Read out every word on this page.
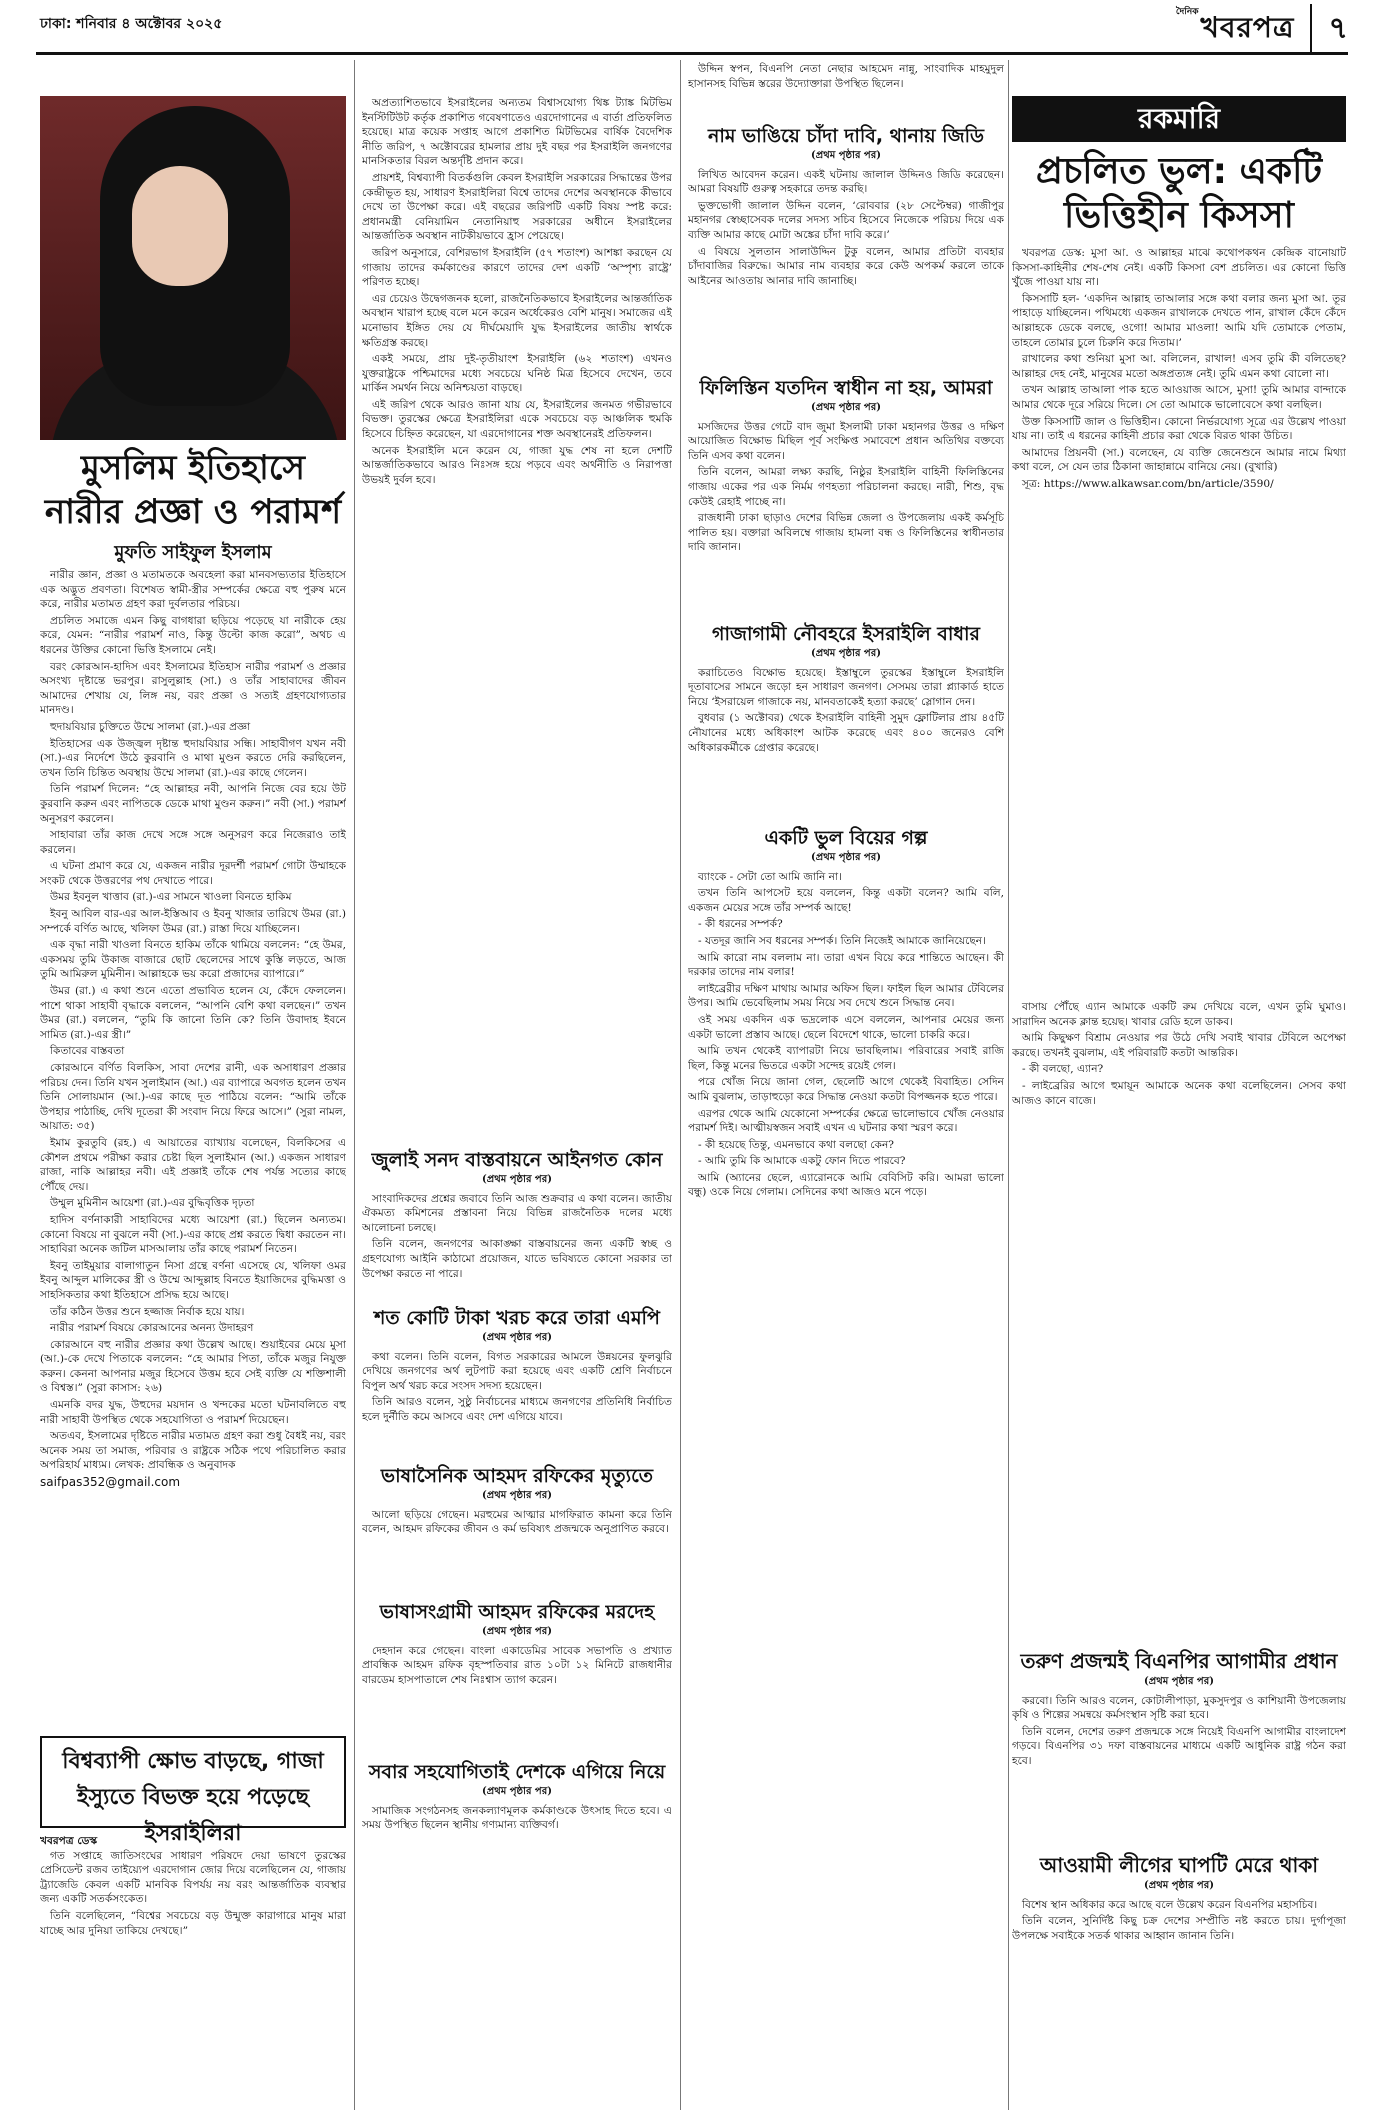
ঢাকা: শনিবার ৪ অক্টোবর ২০২৫
দৈনিক খবরপত্র	৭
মুসলিম ইতিহাসে নারীর প্রজ্ঞা ও পরামর্শ
মুফতি সাইফুল ইসলাম

নারীর জ্ঞান, প্রজ্ঞা ও মতামতকে অবহেলা করা মানবসভ্যতার ইতিহাসে এক অদ্ভুত প্রবণতা। বিশেষত স্বামী-স্ত্রীর সম্পর্কের ক্ষেত্রে বহু পুরুষ মনে করে, নারীর মতামত গ্রহণ করা দুর্বলতার পরিচয়।

প্রচলিত সমাজে এমন কিছু বাগধারা ছড়িয়ে পড়েছে যা নারীকে হেয় করে, যেমন: “নারীর পরামর্শ নাও, কিন্তু উল্টো কাজ করো”, অথচ এ ধরনের উক্তির কোনো ভিত্তি ইসলামে নেই।

বরং কোরআন-হাদিস এবং ইসলামের ইতিহাস নারীর পরামর্শ ও প্রজ্ঞার অসংখ্য দৃষ্টান্তে ভরপুর। রাসুলুল্লাহ (সা.) ও তাঁর সাহাবাদের জীবন আমাদের শেখায় যে, লিঙ্গ নয়, বরং প্রজ্ঞা ও সত্যই গ্রহণযোগ্যতার মানদণ্ড।

হুদায়বিয়ার চুক্তিতে উম্মে সালমা (রা.)-এর প্রজ্ঞা

ইতিহাসের এক উজ্জ্বল দৃষ্টান্ত হুদায়বিয়ার সন্ধি। সাহাবীগণ যখন নবী (সা.)-এর নির্দেশে উঠে কুরবানি ও মাথা মুণ্ডন করতে দেরি করছিলেন, তখন তিনি চিন্তিত অবস্থায় উম্মে সালমা (রা.)-এর কাছে গেলেন।

তিনি পরামর্শ দিলেন: “হে আল্লাহর নবী, আপনি নিজে বের হয়ে উট কুরবানি করুন এবং নাপিতকে ডেকে মাথা মুণ্ডন করুন।” নবী (সা.) পরামর্শ অনুসরণ করলেন।

সাহাবারা তাঁর কাজ দেখে সঙ্গে সঙ্গে অনুসরণ করে নিজেরাও তাই করলেন।

এ ঘটনা প্রমাণ করে যে, একজন নারীর দূরদর্শী পরামর্শ গোটা উম্মাহকে সংকট থেকে উত্তরণের পথ দেখাতে পারে।

উমর ইবনুল খাত্তাব (রা.)-এর সামনে খাওলা বিনতে হাকিম

ইবনু আবিল বার-এর আল-ইস্তিআব ও ইবনু খাজার তারিখে উমর (রা.) সম্পর্কে বর্ণিত আছে, খলিফা উমর (রা.) রাস্তা দিয়ে যাচ্ছিলেন।

এক বৃদ্ধা নারী খাওলা বিনতে হাকিম তাঁকে থামিয়ে বললেন: “হে উমর, একসময় তুমি উকাজ বাজারে ছোট ছেলেদের সাথে কুস্তি লড়তে, আজ তুমি আমিরুল মুমিনীন। আল্লাহকে ভয় করো প্রজাদের ব্যাপারে।”

উমর (রা.) এ কথা শুনে এতো প্রভাবিত হলেন যে, কেঁদে ফেললেন। পাশে থাকা সাহাবী বৃদ্ধাকে বললেন, “আপনি বেশি কথা বলছেন।” তখন উমর (রা.) বললেন, “তুমি কি জানো তিনি কে? তিনি উবাদাহ ইবনে সামিত (রা.)-এর স্ত্রী।”

কিতাবের বাস্তবতা

কোরআনে বর্ণিত বিলকিস, সাবা দেশের রানী, এক অসাধারণ প্রজ্ঞার পরিচয় দেন। তিনি যখন সুলাইমান (আ.) এর ব্যাপারে অবগত হলেন তখন তিনি সোলায়মান (আ.)-এর কাছে দূত পাঠিয়ে বলেন: “আমি তাঁকে উপহার পাঠাচ্ছি, দেখি দূতেরা কী সংবাদ নিয়ে ফিরে আসে।” (সুরা নামল, আয়াত: ৩৫)

ইমাম কুরতুবি (রহ.) এ আয়াতের ব্যাখ্যায় বলেছেন, বিলকিসের এ কৌশল প্রথমে পরীক্ষা করার চেষ্টা ছিল সুলাইমান (আ.) একজন সাধারণ রাজা, নাকি আল্লাহর নবী। এই প্রজ্ঞাই তাঁকে শেষ পর্যন্ত সত্যের কাছে পৌঁছে দেয়।

উম্মুল মুমিনীন আয়েশা (রা.)-এর বুদ্ধিবৃত্তিক দৃঢ়তা

হাদিস বর্ণনাকারী সাহাবিদের মধ্যে আয়েশা (রা.) ছিলেন অন্যতম। কোনো বিষয়ে না বুঝলে নবী (সা.)-এর কাছে প্রশ্ন করতে দ্বিধা করতেন না। সাহাবিরা অনেক জটিল মাসআলায় তাঁর কাছে পরামর্শ নিতেন।

ইবনু তাইমুয়ার বালাগাতুন নিসা গ্রন্থে বর্ণনা এসেছে যে, খলিফা ওমর ইবনু আব্দুল মালিকের স্ত্রী ও উম্মে আব্দুল্লাহ বিনতে ইয়াজিদের বুদ্ধিমত্তা ও সাহসিকতার কথা ইতিহাসে প্রসিদ্ধ হয়ে আছে।

তাঁর কঠিন উত্তর শুনে হজ্জাজ নির্বাক হয়ে যায়।

নারীর পরামর্শ বিষয়ে কোরআনের অনন্য উদাহরণ

কোরআনে বহু নারীর প্রজ্ঞার কথা উল্লেখ আছে। শুয়াইবের মেয়ে মুসা (আ.)-কে দেখে পিতাকে বললেন: “হে আমার পিতা, তাঁকে মজুর নিযুক্ত করুন। কেননা আপনার মজুর হিসেবে উত্তম হবে সেই ব্যক্তি যে শক্তিশালী ও বিশ্বস্ত।” (সুরা কাসাস: ২৬)

এমনকি বদর যুদ্ধ, উহুদের ময়দান ও খন্দকের মতো ঘটনাবলিতে বহু নারী সাহাবী উপস্থিত থেকে সহযোগিতা ও পরামর্শ দিয়েছেন।

অতএব, ইসলামের দৃষ্টিতে নারীর মতামত গ্রহণ করা শুধু বৈধই নয়, বরং অনেক সময় তা সমাজ, পরিবার ও রাষ্ট্রকে সঠিক পথে পরিচালিত করার অপরিহার্য মাধ্যম। লেখক: প্রাবন্ধিক ও অনুবাদক

saifpas352@gmail.com
বিশ্বব্যাপী ক্ষোভ বাড়ছে, গাজা ইস্যুতে বিভক্ত হয়ে পড়েছে ইসরাইলিরা
খবরপত্র ডেস্ক

গত সপ্তাহে জাতিসংঘের সাধারণ পরিষদে দেয়া ভাষণে তুরস্কের প্রেসিডেন্ট রজব তাইয়্যেপ এরদোগান জোর দিয়ে বলেছিলেন যে, গাজায় ট্র্যাজেডি কেবল একটি মানবিক বিপর্যয় নয় বরং আন্তর্জাতিক ব্যবস্থার জন্য একটি সতর্কসংকেত।

তিনি বলেছিলেন, “বিশ্বের সবচেয়ে বড় উন্মুক্ত কারাগারে মানুষ মারা যাচ্ছে আর দুনিয়া তাকিয়ে দেখছে।”

অপ্রত্যাশিতভাবে ইসরাইলের অন্যতম বিশ্বাসযোগ্য থিঙ্ক ট্যাঙ্ক মিটভিম ইনস্টিটিউট কর্তৃক প্রকাশিত গবেষণাতেও এরদোগানের এ বার্তা প্রতিফলিত হয়েছে। মাত্র কয়েক সপ্তাহ আগে প্রকাশিত মিটভিমের বার্ষিক বৈদেশিক নীতি জরিপ, ৭ অক্টোবরের হামলার প্রায় দুই বছর পর ইসরাইলি জনগণের মানসিকতার বিরল অন্তর্দৃষ্টি প্রদান করে।

প্রায়শই, বিশ্বব্যাপী বিতর্কগুলি কেবল ইসরাইলি সরকারের সিদ্ধান্তের উপর কেন্দ্রীভূত হয়, সাধারণ ইসরাইলিরা বিশ্বে তাদের দেশের অবস্থানকে কীভাবে দেখে তা উপেক্ষা করে। এই বছরের জরিপটি একটি বিষয় স্পষ্ট করে: প্রধানমন্ত্রী বেনিয়ামিন নেতানিয়াহু সরকারের অধীনে ইসরাইলের আন্তর্জাতিক অবস্থান নাটকীয়ভাবে হ্রাস পেয়েছে।

জরিপ অনুসারে, বেশিরভাগ ইসরাইলি (৫৭ শতাংশ) আশঙ্কা করছেন যে গাজায় তাদের কর্মকাণ্ডের কারণে তাদের দেশ একটি ‘অস্পৃশ্য রাষ্ট্রে’ পরিণত হচ্ছে।

এর চেয়েও উদ্বেগজনক হলো, রাজনৈতিকভাবে ইসরাইলের আন্তর্জাতিক অবস্থান খারাপ হচ্ছে বলে মনে করেন অর্ধেকেরও বেশি মানুষ। সমাজের এই মনোভাব ইঙ্গিত দেয় যে দীর্ঘমেয়াদি যুদ্ধ ইসরাইলের জাতীয় স্বার্থকে ক্ষতিগ্রস্ত করছে।

একই সময়ে, প্রায় দুই-তৃতীয়াংশ ইসরাইলি (৬২ শতাংশ) এখনও যুক্তরাষ্ট্রকে পশ্চিমাদের মধ্যে সবচেয়ে ঘনিষ্ঠ মিত্র হিসেবে দেখেন, তবে মার্কিন সমর্থন নিয়ে অনিশ্চয়তা বাড়ছে।

এই জরিপ থেকে আরও জানা যায় যে, ইসরাইলের জনমত গভীরভাবে বিভক্ত। তুরস্কের ক্ষেত্রে ইসরাইলিরা একে সবচেয়ে বড় আঞ্চলিক হুমকি হিসেবে চিহ্নিত করেছেন, যা এরদোগানের শক্ত অবস্থানেরই প্রতিফলন।

অনেক ইসরাইলি মনে করেন যে, গাজা যুদ্ধ শেষ না হলে দেশটি আন্তর্জাতিকভাবে আরও নিঃসঙ্গ হয়ে পড়বে এবং অর্থনীতি ও নিরাপত্তা উভয়ই দুর্বল হবে।

জুলাই সনদ বাস্তবায়নে আইনগত কোন
(প্রথম পৃষ্ঠার পর)

সাংবাদিকদের প্রশ্নের জবাবে তিনি আজ শুক্রবার এ কথা বলেন। জাতীয় ঐকমত্য কমিশনের প্রস্তাবনা নিয়ে বিভিন্ন রাজনৈতিক দলের মধ্যে আলোচনা চলছে।

তিনি বলেন, জনগণের আকাঙ্ক্ষা বাস্তবায়নের জন্য একটি স্বচ্ছ ও গ্রহণযোগ্য আইনি কাঠামো প্রয়োজন, যাতে ভবিষ্যতে কোনো সরকার তা উপেক্ষা করতে না পারে।

শত কোটি টাকা খরচ করে তারা এমপি
(প্রথম পৃষ্ঠার পর)

কথা বলেন। তিনি বলেন, বিগত সরকারের আমলে উন্নয়নের ফুলঝুরি দেখিয়ে জনগণের অর্থ লুটপাট করা হয়েছে এবং একটি শ্রেণি নির্বাচনে বিপুল অর্থ খরচ করে সংসদ সদস্য হয়েছেন।

তিনি আরও বলেন, সুষ্ঠু নির্বাচনের মাধ্যমে জনগণের প্রতিনিধি নির্বাচিত হলে দুর্নীতি কমে আসবে এবং দেশ এগিয়ে যাবে।

ভাষাসৈনিক আহমদ রফিকের মৃত্যুতে
(প্রথম পৃষ্ঠার পর)

আলো ছড়িয়ে গেছেন। মরহুমের আত্মার মাগফিরাত কামনা করে তিনি বলেন, আহমদ রফিকের জীবন ও কর্ম ভবিষ্যৎ প্রজন্মকে অনুপ্রাণিত করবে।

ভাষাসংগ্রামী আহমদ রফিকের মরদেহ
(প্রথম পৃষ্ঠার পর)

দেহদান করে গেছেন। বাংলা একাডেমির সাবেক সভাপতি ও প্রখ্যাত প্রাবন্ধিক আহমদ রফিক বৃহস্পতিবার রাত ১০টা ১২ মিনিটে রাজধানীর বারডেম হাসপাতালে শেষ নিঃশ্বাস ত্যাগ করেন।

সবার সহযোগিতাই দেশকে এগিয়ে নিয়ে
(প্রথম পৃষ্ঠার পর)

সামাজিক সংগঠনসহ জনকল্যাণমূলক কর্মকাণ্ডকে উৎসাহ দিতে হবে। এ সময় উপস্থিত ছিলেন স্থানীয় গণ্যমান্য ব্যক্তিবর্গ।

উদ্দিন স্বপন, বিএনপি নেতা নেছার আহমেদ নান্নু, সাংবাদিক মাহমুদুল হাসানসহ বিভিন্ন স্তরের উদ্যোক্তারা উপস্থিত ছিলেন।

নাম ভাঙিয়ে চাঁদা দাবি, থানায় জিডি
(প্রথম পৃষ্ঠার পর)

লিখিত আবেদন করেন। একই ঘটনায় জালাল উদ্দিনও জিডি করেছেন। আমরা বিষয়টি গুরুত্ব সহকারে তদন্ত করছি।

ভুক্তভোগী জালাল উদ্দিন বলেন, ‘রোববার (২৮ সেপ্টেম্বর) গাজীপুর মহানগর স্বেচ্ছাসেবক দলের সদস্য সচিব হিসেবে নিজেকে পরিচয় দিয়ে এক ব্যক্তি আমার কাছে মোটা অঙ্কের চাঁদা দাবি করে।’

এ বিষয়ে সুলতান সালাউদ্দিন টুকু বলেন, আমার প্রতিটা ব্যবহার চাঁদাবাজির বিরুদ্ধে। আমার নাম ব্যবহার করে কেউ অপকর্ম করলে তাকে আইনের আওতায় আনার দাবি জানাচ্ছি।

ফিলিস্তিন যতদিন স্বাধীন না হয়, আমরা
(প্রথম পৃষ্ঠার পর)

মসজিদের উত্তর গেটে বাদ জুমা ইসলামী ঢাকা মহানগর উত্তর ও দক্ষিণ আয়োজিত বিক্ষোভ মিছিল পূর্ব সংক্ষিপ্ত সমাবেশে প্রধান অতিথির বক্তব্যে তিনি এসব কথা বলেন।

তিনি বলেন, আমরা লক্ষ্য করছি, নিষ্ঠুর ইসরাইলি বাহিনী ফিলিস্তিনের গাজায় একের পর এক নির্মম গণহত্যা পরিচালনা করছে। নারী, শিশু, বৃদ্ধ কেউই রেহাই পাচ্ছে না।

রাজধানী ঢাকা ছাড়াও দেশের বিভিন্ন জেলা ও উপজেলায় একই কর্মসূচি পালিত হয়। বক্তারা অবিলম্বে গাজায় হামলা বন্ধ ও ফিলিস্তিনের স্বাধীনতার দাবি জানান।

গাজাগামী নৌবহরে ইসরাইলি বাধার
(প্রথম পৃষ্ঠার পর)

করাচিতেও বিক্ষোভ হয়েছে। ইস্তাম্বুলে তুরস্কের ইস্তাম্বুলে ইসরাইলি দূতাবাসের সামনে জড়ো হন সাধারণ জনগণ। সেসময় তারা প্ল্যাকার্ড হাতে নিয়ে ‘ইসরায়েল গাজাকে নয়, মানবতাকেই হত্যা করছে’ স্লোগান দেন।

বুধবার (১ অক্টোবর) থেকে ইসরাইলি বাহিনী সুমুদ ফ্লোটিলার প্রায় ৪৫টি নৌযানের মধ্যে অধিকাংশ আটক করেছে এবং ৪০০ জনেরও বেশি অধিকারকর্মীকে গ্রেপ্তার করেছে।

একটি ভুল বিয়ের গল্প
(প্রথম পৃষ্ঠার পর)

ব্যাংকে - সেটা তো আমি জানি না।

তখন তিনি আপসেট হয়ে বললেন, কিন্তু একটা বলেন? আমি বলি, একজন মেয়ের সঙ্গে তাঁর সম্পর্ক আছে!

- কী ধরনের সম্পর্ক?

- যতদূর জানি সব ধরনের সম্পর্ক। তিনি নিজেই আমাকে জানিয়েছেন।

আমি কারো নাম বললাম না। তারা এখন বিয়ে করে শান্তিতে আছেন। কী দরকার তাদের নাম বলার!

লাইব্রেরীর দক্ষিণ মাথায় আমার অফিস ছিল। ফাইল ছিল আমার টেবিলের উপর। আমি ভেবেছিলাম সময় নিয়ে সব দেখে শুনে সিদ্ধান্ত নেব।

ওই সময় একদিন এক ভদ্রলোক এসে বললেন, আপনার মেয়ের জন্য একটা ভালো প্রস্তাব আছে। ছেলে বিদেশে থাকে, ভালো চাকরি করে।

আমি তখন থেকেই ব্যাপারটা নিয়ে ভাবছিলাম। পরিবারের সবাই রাজি ছিল, কিন্তু মনের ভিতরে একটা সন্দেহ রয়েই গেল।

পরে খোঁজ নিয়ে জানা গেল, ছেলেটি আগে থেকেই বিবাহিত। সেদিন আমি বুঝলাম, তাড়াহুড়ো করে সিদ্ধান্ত নেওয়া কতটা বিপজ্জনক হতে পারে।

এরপর থেকে আমি যেকোনো সম্পর্কের ক্ষেত্রে ভালোভাবে খোঁজ নেওয়ার পরামর্শ দিই। আত্মীয়স্বজন সবাই এখন এ ঘটনার কথা স্মরণ করে।

- কী হয়েছে তিন্তু, এমনভাবে কথা বলছো কেন?

- আমি তুমি কি আমাকে একটু ফোন দিতে পারবে?

আমি (অ্যানের ছেলে, এ্যারোনকে আমি বেবিসিট করি। আমরা ভালো বন্ধু) ওকে নিয়ে গেলাম। সেদিনের কথা আজও মনে পড়ে।

রকমারি
প্রচলিত ভুল: একটি ভিত্তিহীন কিসসা

খবরপত্র ডেস্ক: মুসা আ. ও আল্লাহর মাঝে কথোপকথন কেন্দ্রিক বানোয়াট কিসসা-কাহিনীর শেষ-শেষ নেই। একটি কিসসা বেশ প্রচলিত। এর কোনো ভিত্তি খুঁজে পাওয়া যায় না।

কিসসাটি হল- ‘একদিন আল্লাহ তাআলার সঙ্গে কথা বলার জন্য মুসা আ. তূর পাহাড়ে যাচ্ছিলেন। পথিমধ্যে একজন রাখালকে দেখতে পান, রাখাল কেঁদে কেঁদে আল্লাহকে ডেকে বলছে, ওগো! আমার মাওলা! আমি যদি তোমাকে পেতাম, তাহলে তোমার চুলে চিরুনি করে দিতাম।’

রাখালের কথা শুনিয়া মুসা আ. বলিলেন, রাখাল! এসব তুমি কী বলিতেছ? আল্লাহর দেহ নেই, মানুষের মতো অঙ্গপ্রত্যঙ্গ নেই। তুমি এমন কথা বোলো না।

তখন আল্লাহ তাআলা পাক হতে আওয়াজ আসে, মুসা! তুমি আমার বান্দাকে আমার থেকে দূরে সরিয়ে দিলে। সে তো আমাকে ভালোবেসে কথা বলছিল।

উক্ত কিসসাটি জাল ও ভিত্তিহীন। কোনো নির্ভরযোগ্য সূত্রে এর উল্লেখ পাওয়া যায় না। তাই এ ধরনের কাহিনী প্রচার করা থেকে বিরত থাকা উচিত।

আমাদের প্রিয়নবী (সা.) বলেছেন, যে ব্যক্তি জেনেশুনে আমার নামে মিথ্যা কথা বলে, সে যেন তার ঠিকানা জাহান্নামে বানিয়ে নেয়। (বুখারি)

সূত্র: https://www.alkawsar.com/bn/article/3590/

বাসায় পৌঁছে এ্যান আমাকে একটি রুম দেখিয়ে বলে, এখন তুমি ঘুমাও। সারাদিন অনেক ক্লান্ত হয়েছ। খাবার রেডি হলে ডাকব।

আমি কিছুক্ষণ বিশ্রাম নেওয়ার পর উঠে দেখি সবাই খাবার টেবিলে অপেক্ষা করছে। তখনই বুঝলাম, এই পরিবারটি কতটা আন্তরিক।

- কী বলছো, এ্যান?

- লাইব্রেরির আগে হুমায়ূন আমাকে অনেক কথা বলেছিলেন। সেসব কথা আজও কানে বাজে।

তরুণ প্রজন্মই বিএনপির আগামীর প্রধান
(প্রথম পৃষ্ঠার পর)

করবো। তিনি আরও বলেন, কোটালীপাড়া, মুকসুদপুর ও কাশিয়ানী উপজেলায় কৃষি ও শিল্পের সমন্বয়ে কর্মসংস্থান সৃষ্টি করা হবে।

তিনি বলেন, দেশের তরুণ প্রজন্মকে সঙ্গে নিয়েই বিএনপি আগামীর বাংলাদেশ গড়বে। বিএনপির ৩১ দফা বাস্তবায়নের মাধ্যমে একটি আধুনিক রাষ্ট্র গঠন করা হবে।

আওয়ামী লীগের ঘাপটি মেরে থাকা
(প্রথম পৃষ্ঠার পর)

বিশেষ স্থান অধিকার করে আছে বলে উল্লেখ করেন বিএনপির মহাসচিব।

তিনি বলেন, সুনির্দিষ্ট কিছু চক্র দেশের সম্প্রীতি নষ্ট করতে চায়। দুর্গাপূজা উপলক্ষে সবাইকে সতর্ক থাকার আহ্বান জানান তিনি।
